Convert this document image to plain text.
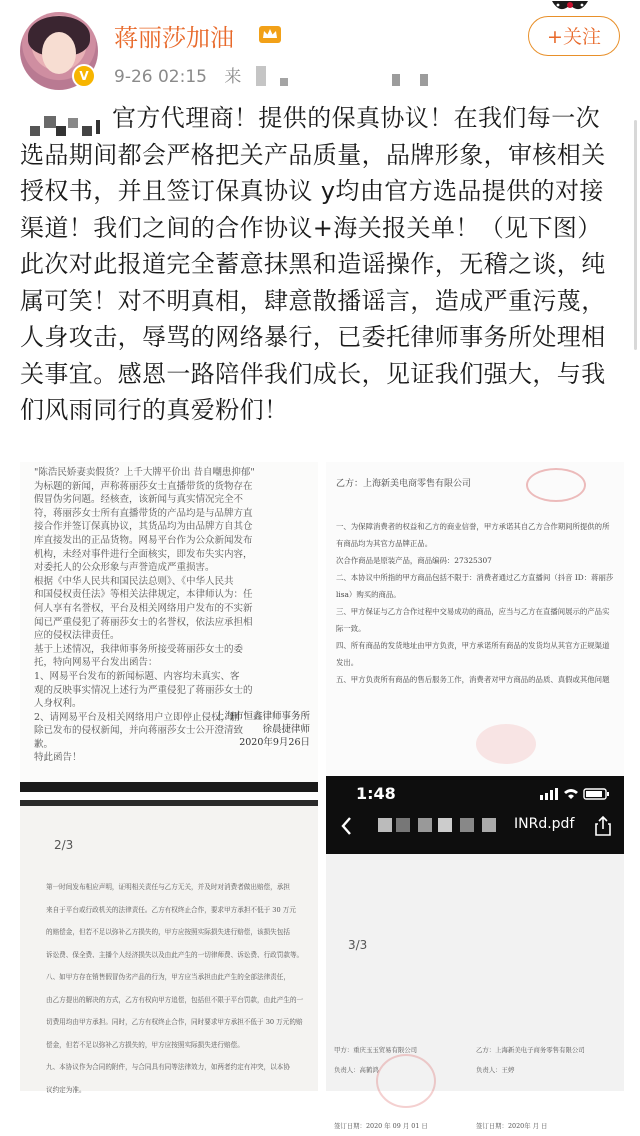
V
蒋丽莎加油
9-26 02:15 来
+关注
官方代理商！提供的保真协议！在我们每一次选品期间都会严格把关产品质量，品牌形象，审核相关授权书，并且签订保真协议 y均由官方选品提供的对接渠道！我们之间的合作协议+海关报关单！（见下图）此次对此报道完全蓄意抹黑和造谣操作，无稽之谈，纯属可笑！对不明真相，肆意散播谣言，造成严重污蔑，人身攻击，辱骂的网络暴行，已委托律师事务所处理相关事宜。感恩一路陪伴我们成长，见证我们强大，与我们风雨同行的真爱粉们！
"陈浩民娇妻卖假货？上千大牌平价出 昔自嘲患抑郁"
为标题的新闻，声称蒋丽莎女士直播带货的货物存在
假冒伪劣问题。经核查，该新闻与真实情况完全不
符，蒋丽莎女士所有直播带货的产品均是与品牌方直
接合作并签订保真协议，其货品均为由品牌方自其仓
库直接发出的正品货物。网易平台作为公众新闻发布
机构，未经对事件进行全面核实，即发布失实内容，
对委托人的公众形象与声誉造成严重损害。
根据《中华人民共和国民法总则》、《中华人民共
和国侵权责任法》等相关法律规定，本律师认为：任
何人享有名誉权，平台及相关网络用户发布的不实新
闻已严重侵犯了蒋丽莎女士的名誉权，依法应承担相
应的侵权法律责任。
基于上述情况，我律师事务所接受蒋丽莎女士的委
托，特向网易平台发出函告：
1、网易平台发布的新闻标题、内容均未真实、客
观的反映事实情况上述行为严重侵犯了蒋丽莎女士的
人身权利。
2、请网易平台及相关网络用户立即停止侵权，删
除已发布的侵权新闻，并向蒋丽莎女士公开澄清致
歉。
特此函告！
上海市恒鑫律师事务所
徐晨捷律师
2020年9月26日
乙方：上海新美电商零售有限公司
一、为保障消费者的权益和乙方的商业信誉，甲方承诺其自乙方合作期间所提供的所
有商品均为其官方品牌正品。
次合作商品是原装产品，商品编码：27325307
二、本协议中所指的甲方商品包括不限于：消费者通过乙方直播间（抖音 ID：蒋丽莎
lisa）购买的商品。
三、甲方保证与乙方合作过程中交易成功的商品，应当与乙方在直播间展示的产品实
际一致。
四、所有商品的发货地址由甲方负责，甲方承诺所有商品的发货均从其官方正规渠道
发出。
五、甲方负责所有商品的售后服务工作，消费者对甲方商品的品质、真假或其他问题
2/3
第一时间发布相应声明，证明相关责任与乙方无关，并及时对消费者做出赔偿，承担
来自于平台或行政机关的法律责任。乙方有权终止合作，要求甲方承担不低于 30 万元
的赔偿金，但若不足以弥补乙方损失的，甲方应按照实际损失进行赔偿，该损失包括
诉讼费、保全费、主播个人经济损失以及由此产生的一切律师费、诉讼费、行政罚款等。
八、如甲方存在销售假冒伪劣产品的行为，甲方应当承担由此产生的全部法律责任，
由乙方提出的解决的方式，乙方有权向甲方追偿，包括但不限于平台罚款，由此产生的一
切费用均由甲方承担。同时，乙方有权终止合作，同时要求甲方承担不低于 30 万元的赔
偿金，但若不足以弥补乙方损失的，甲方应按照实际损失进行赔偿。
九、本协议作为合同的附件，与合同具有同等法律效力，如两者约定有冲突，以本协
议约定为准。
1:48
INRd.pdf
3/3
甲方：重庆玉玉贸易有限公司
负责人：高鹤鸿
签订日期：2020 年 09 月 01 日
乙方：上海新美电子商务零售有限公司
负责人：王婷
签订日期：2020年 月 日
